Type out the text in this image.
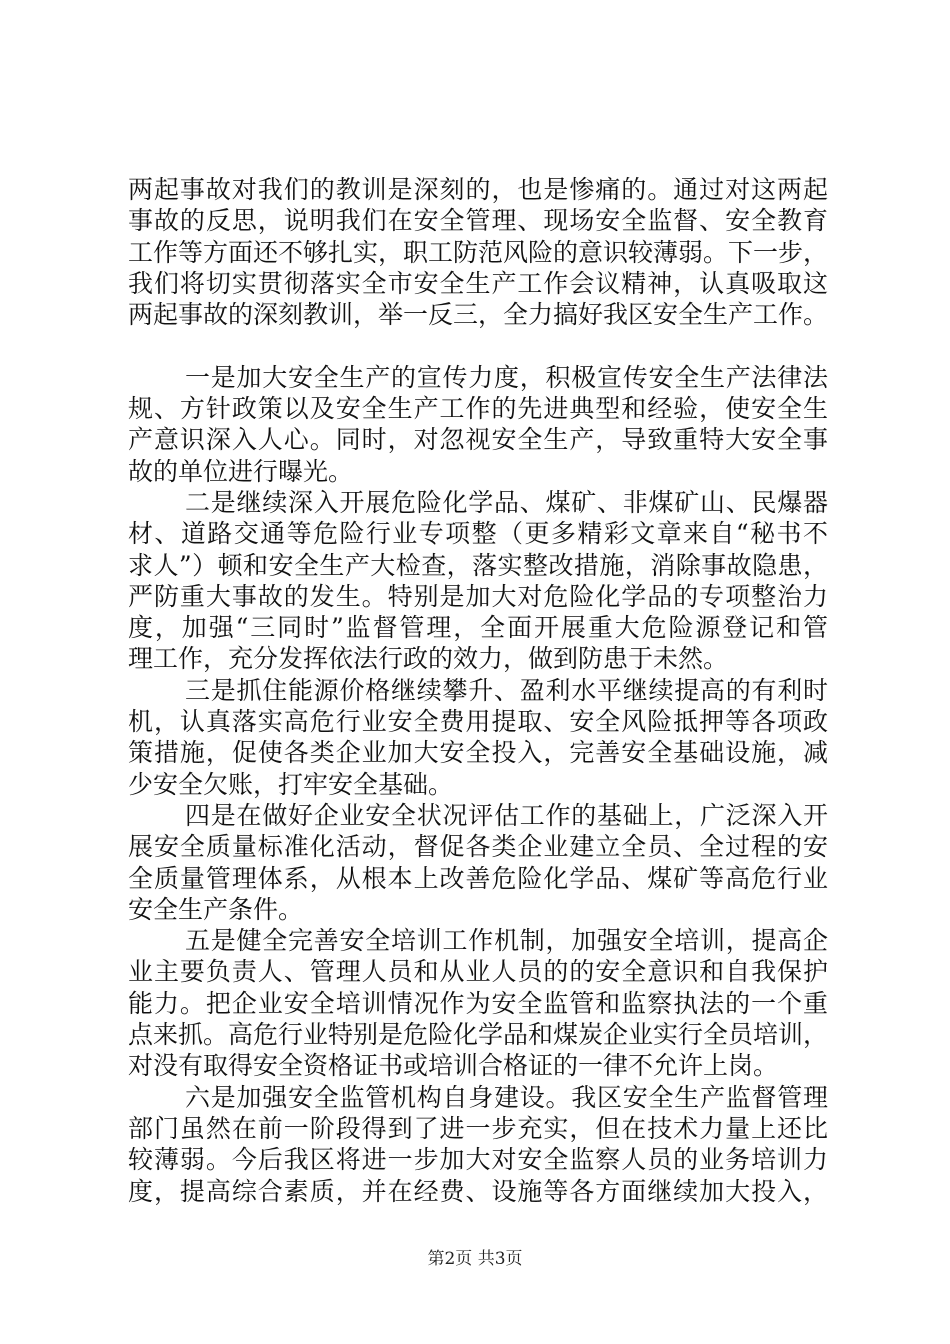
两起事故对我们的教训是深刻的，也是惨痛的。通过对这两起
事故的反思，说明我们在安全管理、现场安全监督、安全教育
工作等方面还不够扎实，职工防范风险的意识较薄弱。下一步，
我们将切实贯彻落实全市安全生产工作会议精神，认真吸取这
两起事故的深刻教训，举一反三，全力搞好我区安全生产工作。
一是加大安全生产的宣传力度，积极宣传安全生产法律法
规、方针政策以及安全生产工作的先进典型和经验，使安全生
产意识深入人心。同时，对忽视安全生产，导致重特大安全事
故的单位进行曝光。
二是继续深入开展危险化学品、煤矿、非煤矿山、民爆器
材、道路交通等危险行业专项整（更多精彩文章来自“秘书不
求人”）顿和安全生产大检查，落实整改措施，消除事故隐患，
严防重大事故的发生。特别是加大对危险化学品的专项整治力
度，加强“三同时”监督管理，全面开展重大危险源登记和管
理工作，充分发挥依法行政的效力，做到防患于未然。
三是抓住能源价格继续攀升、盈利水平继续提高的有利时
机，认真落实高危行业安全费用提取、安全风险抵押等各项政
策措施，促使各类企业加大安全投入，完善安全基础设施，减
少安全欠账，打牢安全基础。
四是在做好企业安全状况评估工作的基础上，广泛深入开
展安全质量标准化活动，督促各类企业建立全员、全过程的安
全质量管理体系，从根本上改善危险化学品、煤矿等高危行业
安全生产条件。
五是健全完善安全培训工作机制，加强安全培训，提高企
业主要负责人、管理人员和从业人员的的安全意识和自我保护
能力。把企业安全培训情况作为安全监管和监察执法的一个重
点来抓。高危行业特别是危险化学品和煤炭企业实行全员培训，
对没有取得安全资格证书或培训合格证的一律不允许上岗。
六是加强安全监管机构自身建设。我区安全生产监督管理
部门虽然在前一阶段得到了进一步充实，但在技术力量上还比
较薄弱。今后我区将进一步加大对安全监察人员的业务培训力
度，提高综合素质，并在经费、设施等各方面继续加大投入，
第2页 共3页
